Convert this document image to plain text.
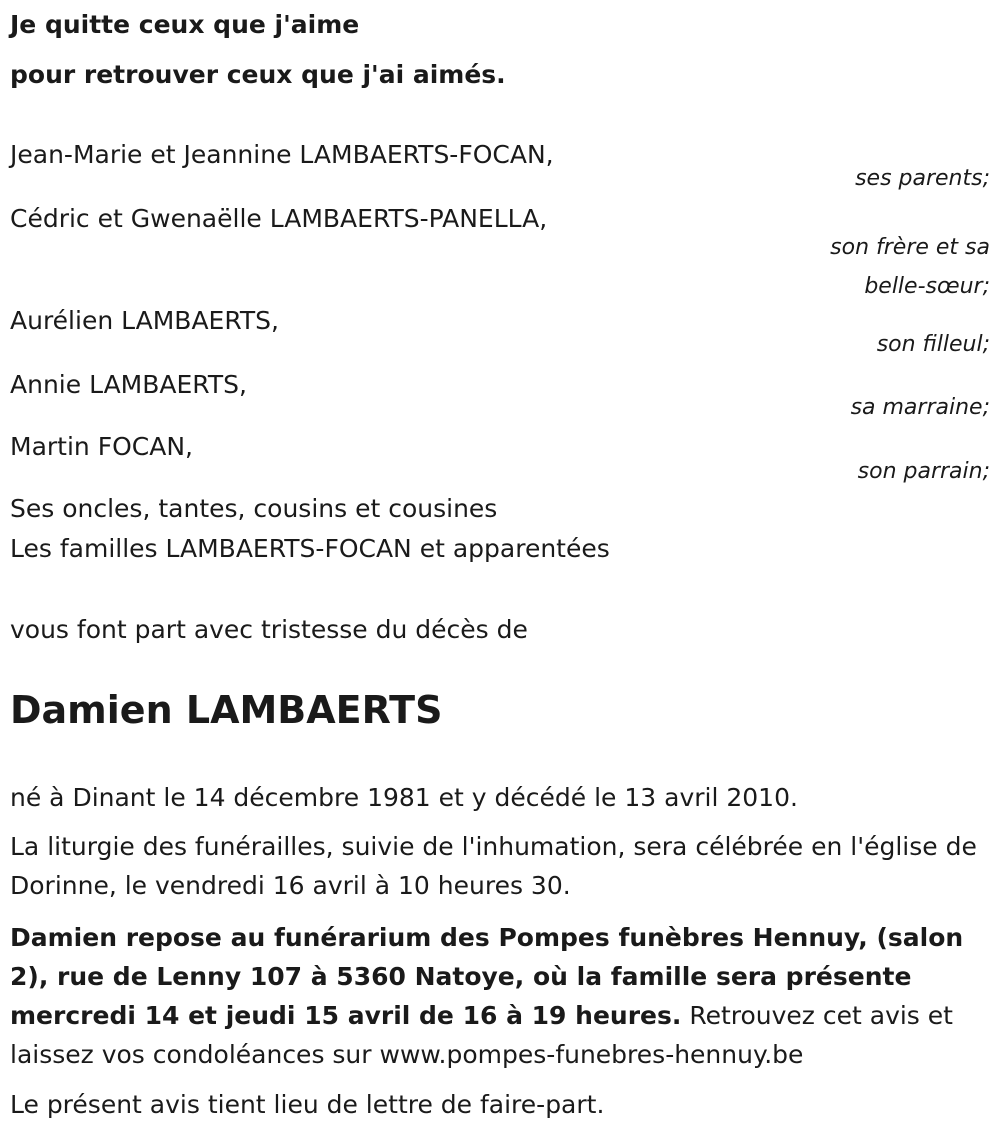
Je quitte ceux que j'aime

pour retrouver ceux que j'ai aimés.

Jean-Marie et Jeannine LAMBAERTS-FOCAN,
ses parents;
Cédric et Gwenaëlle LAMBAERTS-PANELLA,
son frère et sa belle-sœur;
Aurélien LAMBAERTS,
son filleul;
Annie LAMBAERTS,
sa marraine;
Martin FOCAN,
son parrain;
Ses oncles, tantes, cousins et cousines
Les familles LAMBAERTS-FOCAN et apparentées
vous font part avec tristesse du décès de
Damien LAMBAERTS
né à Dinant le 14 décembre 1981 et y décédé le 13 avril 2010.
La liturgie des funérailles, suivie de l'inhumation, sera célébrée en l'église de Dorinne, le vendredi 16 avril à 10 heures 30.
Damien repose au funérarium des Pompes funèbres Hennuy, (salon 2), rue de Lenny 107 à 5360 Natoye, où la famille sera présente mercredi 14 et jeudi 15 avril de 16 à 19 heures. Retrouvez cet avis et laissez vos condoléances sur www.pompes-funebres-hennuy.be
Le présent avis tient lieu de lettre de faire-part.
